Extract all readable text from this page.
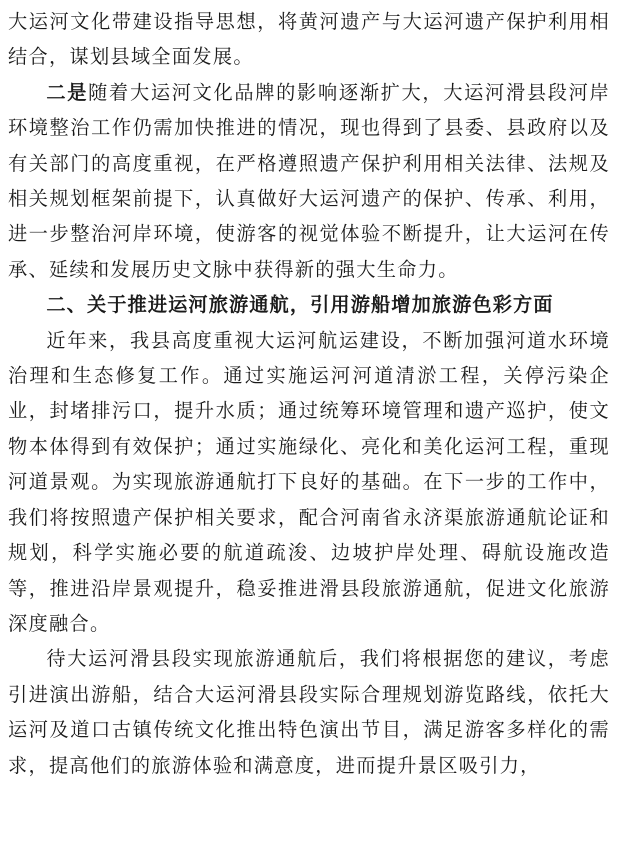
大运河文化带建设指导思想，将黄河遗产与大运河遗产保护利用相结合，谋划县域全面发展。

二是随着大运河文化品牌的影响逐渐扩大，大运河滑县段河岸环境整治工作仍需加快推进的情况，现也得到了县委、县政府以及有关部门的高度重视，在严格遵照遗产保护利用相关法律、法规及相关规划框架前提下，认真做好大运河遗产的保护、传承、利用，进一步整治河岸环境，使游客的视觉体验不断提升，让大运河在传承、延续和发展历史文脉中获得新的强大生命力。

二、关于推进运河旅游通航，引用游船增加旅游色彩方面

近年来，我县高度重视大运河航运建设，不断加强河道水环境治理和生态修复工作。通过实施运河河道清淤工程，关停污染企业，封堵排污口，提升水质；通过统筹环境管理和遗产巡护，使文物本体得到有效保护；通过实施绿化、亮化和美化运河工程，重现河道景观。为实现旅游通航打下良好的基础。在下一步的工作中，我们将按照遗产保护相关要求，配合河南省永济渠旅游通航论证和规划，科学实施必要的航道疏浚、边坡护岸处理、碍航设施改造等，推进沿岸景观提升，稳妥推进滑县段旅游通航，促进文化旅游深度融合。

待大运河滑县段实现旅游通航后，我们将根据您的建议，考虑引进演出游船，结合大运河滑县段实际合理规划游览路线，依托大运河及道口古镇传统文化推出特色演出节目，满足游客多样化的需求，提高他们的旅游体验和满意度，进而提升景区吸引力，
